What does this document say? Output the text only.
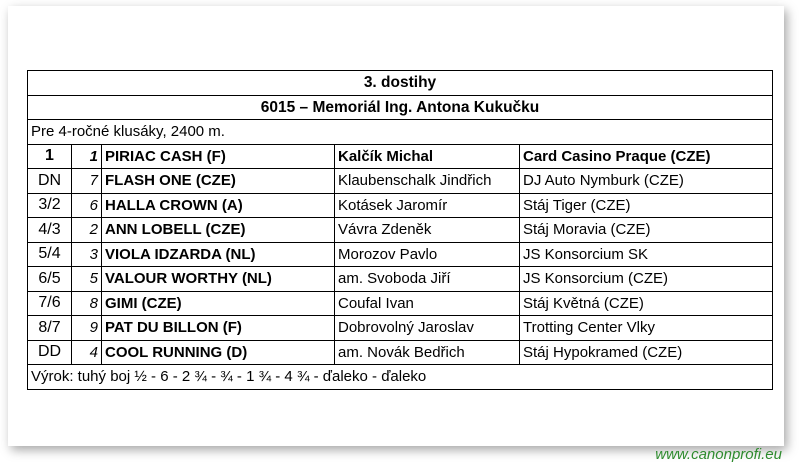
3. dostihy				
6015 – Memoriál Ing. Antona Kukučku				
Pre 4-ročné klusáky, 2400 m.				
1	1	PIRIAC CASH (F)	Kalčík Michal	Card Casino Praque (CZE)
DN	7	FLASH ONE (CZE)	Klaubenschalk Jindřich	DJ Auto Nymburk (CZE)
3/2	6	HALLA CROWN (A)	Kotásek Jaromír	Stáj Tiger (CZE)
4/3	2	ANN LOBELL (CZE)	Vávra Zdeněk	Stáj Moravia (CZE)
5/4	3	VIOLA IDZARDA (NL)	Morozov Pavlo	JS Konsorcium SK
6/5	5	VALOUR WORTHY (NL)	am. Svoboda Jiří	JS Konsorcium (CZE)
7/6	8	GIMI (CZE)	Coufal Ivan	Stáj Květná (CZE)
8/7	9	PAT DU BILLON (F)	Dobrovolný Jaroslav	Trotting Center Vlky
DD	4	COOL RUNNING (D)	am. Novák Bedřich	Stáj Hypokramed (CZE)
Výrok: tuhý boj ½ - 6 - 2 ¾ - ¾ - 1 ¾ - 4 ¾ - ďaleko - ďaleko				
www.canonprofi.eu
